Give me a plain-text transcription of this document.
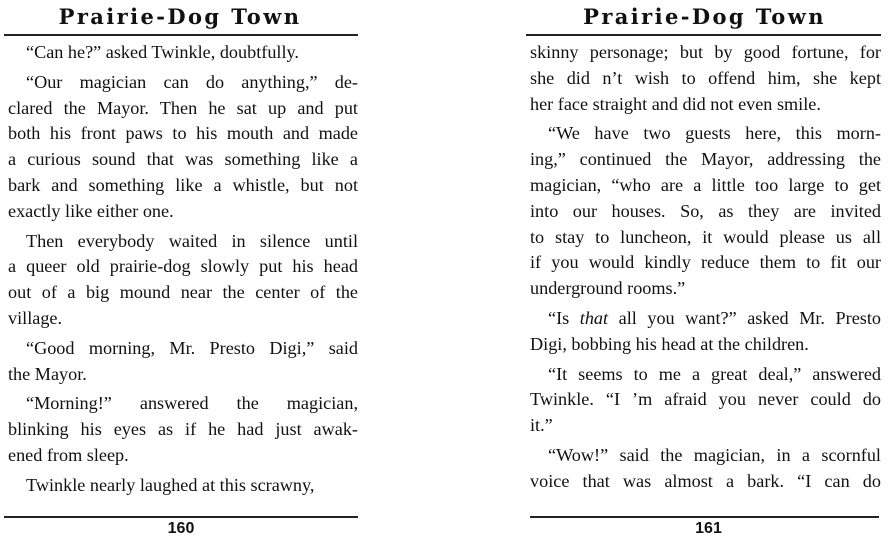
Prairie-Dog Town

“Can he?” asked Twinkle, doubtfully.

“Our magician can do anything,” de-
clared the Mayor. Then he sat up and put
both his front paws to his mouth and made
a curious sound that was something like a
bark and something like a whistle, but not
exactly like either one.

Then everybody waited in silence until
a queer old prairie-dog slowly put his head
out of a big mound near the center of the
village.

“Good morning, Mr. Presto Digi,” said
the Mayor.

“Morning!” answered the magician,
blinking his eyes as if he had just awak-
ened from sleep.

Twinkle nearly laughed at this scrawny,

160
Prairie-Dog Town

skinny personage; but by good fortune, for
she did n’t wish to offend him, she kept
her face straight and did not even smile.

“We have two guests here, this morn-
ing,” continued the Mayor, addressing the
magician, “who are a little too large to get
into our houses. So, as they are invited
to stay to luncheon, it would please us all
if you would kindly reduce them to fit our
underground rooms.”

“Is that all you want?” asked Mr. Presto
Digi, bobbing his head at the children.

“It seems to me a great deal,” answered
Twinkle. “I ’m afraid you never could do
it.”

“Wow!” said the magician, in a scornful
voice that was almost a bark. “I can do

161
